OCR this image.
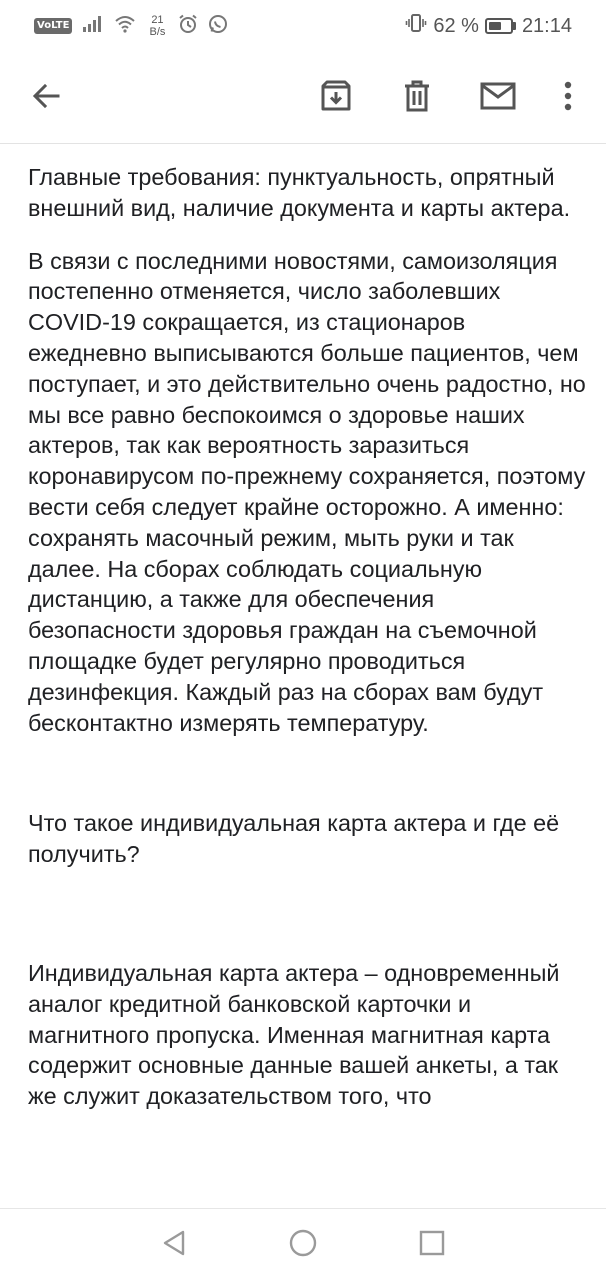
VoLTE	21
B/s	62 % 21:14

Главные требования: пунктуальность, опрятный внешний вид, наличие документа и карты актера.

В связи с последними новостями, самоизоляция постепенно отменяется, число заболевших COVID-19 сокращается, из стационаров ежедневно выписываются больше пациентов, чем поступает, и это действительно очень радостно, но мы все равно беспокоимся о здоровье наших актеров, так как вероятность заразиться коронавирусом по-прежнему сохраняется, поэтому вести себя следует крайне осторожно. А именно: сохранять масочный режим, мыть руки и так далее. На сборах соблюдать социальную дистанцию, а также для обеспечения безопасности здоровья граждан на съемочной площадке будет регулярно проводиться дезинфекция. Каждый раз на сборах вам будут бесконтактно измерять температуру.

Что такое индивидуальная карта актера и где её получить?

Индивидуальная карта актера – одновременный аналог кредитной банковской карточки и магнитного пропуска. Именная магнитная карта содержит основные данные вашей анкеты, а так же служит доказательством того, что
